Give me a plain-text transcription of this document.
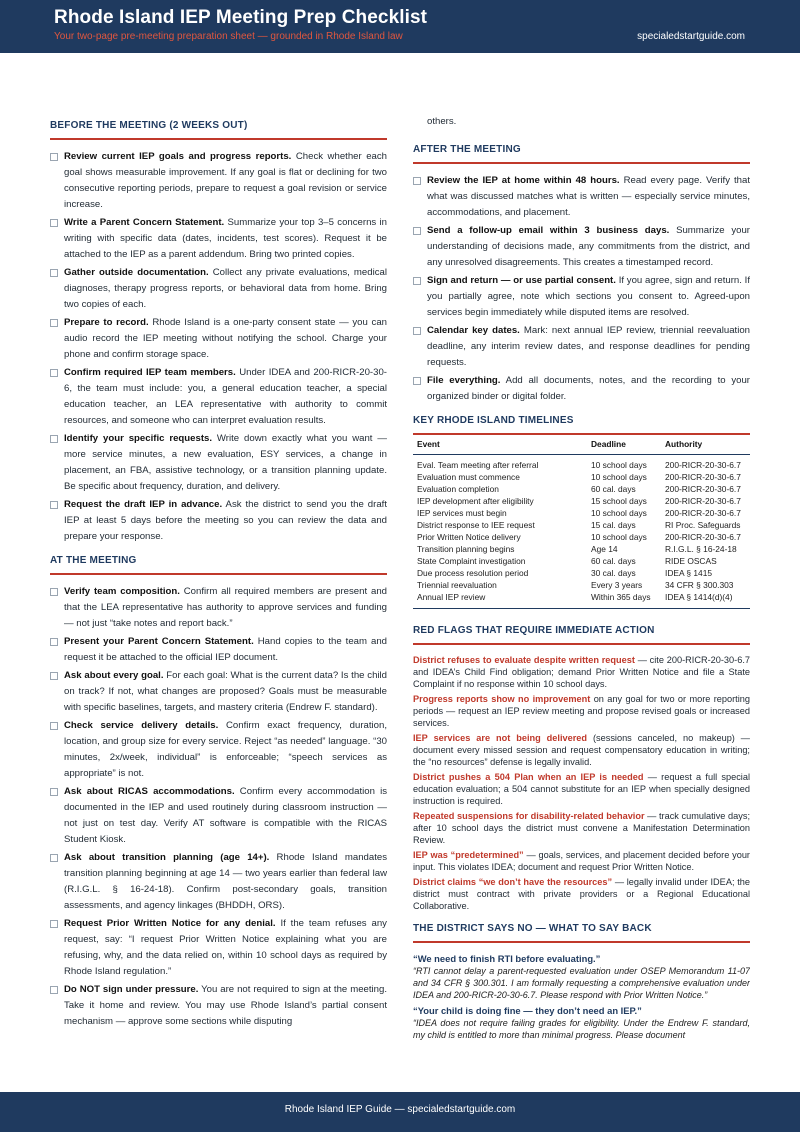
Rhode Island IEP Meeting Prep Checklist
Your two-page pre-meeting preparation sheet — grounded in Rhode Island law	specialedstartguide.com
BEFORE THE MEETING (2 WEEKS OUT)
Review current IEP goals and progress reports. Check whether each goal shows measurable improvement. If any goal is flat or declining for two consecutive reporting periods, prepare to request a goal revision or service increase.
Write a Parent Concern Statement. Summarize your top 3–5 concerns in writing with specific data (dates, incidents, test scores). Request it be attached to the IEP as a parent addendum. Bring two printed copies.
Gather outside documentation. Collect any private evaluations, medical diagnoses, therapy progress reports, or behavioral data from home. Bring two copies of each.
Prepare to record. Rhode Island is a one-party consent state — you can audio record the IEP meeting without notifying the school. Charge your phone and confirm storage space.
Confirm required IEP team members. Under IDEA and 200-RICR-20-30-6, the team must include: you, a general education teacher, a special education teacher, an LEA representative with authority to commit resources, and someone who can interpret evaluation results.
Identify your specific requests. Write down exactly what you want — more service minutes, a new evaluation, ESY services, a change in placement, an FBA, assistive technology, or a transition planning update. Be specific about frequency, duration, and delivery.
Request the draft IEP in advance. Ask the district to send you the draft IEP at least 5 days before the meeting so you can review the data and prepare your response.
AT THE MEETING
Verify team composition. Confirm all required members are present and that the LEA representative has authority to approve services and funding — not just “take notes and report back.”
Present your Parent Concern Statement. Hand copies to the team and request it be attached to the official IEP document.
Ask about every goal. For each goal: What is the current data? Is the child on track? If not, what changes are proposed? Goals must be measurable with specific baselines, targets, and mastery criteria (Endrew F. standard).
Check service delivery details. Confirm exact frequency, duration, location, and group size for every service. Reject “as needed” language. “30 minutes, 2x/week, individual” is enforceable; “speech services as appropriate” is not.
Ask about RICAS accommodations. Confirm every accommodation is documented in the IEP and used routinely during classroom instruction — not just on test day. Verify AT software is compatible with the RICAS Student Kiosk.
Ask about transition planning (age 14+). Rhode Island mandates transition planning beginning at age 14 — two years earlier than federal law (R.I.G.L. § 16-24-18). Confirm post-secondary goals, transition assessments, and agency linkages (BHDDH, ORS).
Request Prior Written Notice for any denial. If the team refuses any request, say: “I request Prior Written Notice explaining what you are refusing, why, and the data relied on, within 10 school days as required by Rhode Island regulation.”
Do NOT sign under pressure. You are not required to sign at the meeting. Take it home and review. You may use Rhode Island’s partial consent mechanism — approve some sections while disputing
others.
AFTER THE MEETING
Review the IEP at home within 48 hours. Read every page. Verify that what was discussed matches what is written — especially service minutes, accommodations, and placement.
Send a follow-up email within 3 business days. Summarize your understanding of decisions made, any commitments from the district, and any unresolved disagreements. This creates a timestamped record.
Sign and return — or use partial consent. If you agree, sign and return. If you partially agree, note which sections you consent to. Agreed-upon services begin immediately while disputed items are resolved.
Calendar key dates. Mark: next annual IEP review, triennial reevaluation deadline, any interim review dates, and response deadlines for pending requests.
File everything. Add all documents, notes, and the recording to your organized binder or digital folder.
KEY RHODE ISLAND TIMELINES
Event	Deadline	Authority
Eval. Team meeting after referral	10 school days	200-RICR-20-30-6.7
Evaluation must commence	10 school days	200-RICR-20-30-6.7
Evaluation completion	60 cal. days	200-RICR-20-30-6.7
IEP development after eligibility	15 school days	200-RICR-20-30-6.7
IEP services must begin	10 school days	200-RICR-20-30-6.7
District response to IEE request	15 cal. days	RI Proc. Safeguards
Prior Written Notice delivery	10 school days	200-RICR-20-30-6.7
Transition planning begins	Age 14	R.I.G.L. § 16-24-18
State Complaint investigation	60 cal. days	RIDE OSCAS
Due process resolution period	30 cal. days	IDEA § 1415
Triennial reevaluation	Every 3 years	34 CFR § 300.303
Annual IEP review	Within 365 days	IDEA § 1414(d)(4)
RED FLAGS THAT REQUIRE IMMEDIATE ACTION
District refuses to evaluate despite written request — cite 200-RICR-20-30-6.7 and IDEA’s Child Find obligation; demand Prior Written Notice and file a State Complaint if no response within 10 school days.
Progress reports show no improvement on any goal for two or more reporting periods — request an IEP review meeting and propose revised goals or increased services.
IEP services are not being delivered (sessions canceled, no makeup) — document every missed session and request compensatory education in writing; the “no resources” defense is legally invalid.
District pushes a 504 Plan when an IEP is needed — request a full special education evaluation; a 504 cannot substitute for an IEP when specially designed instruction is required.
Repeated suspensions for disability-related behavior — track cumulative days; after 10 school days the district must convene a Manifestation Determination Review.
IEP was “predetermined” — goals, services, and placement decided before your input. This violates IDEA; document and request Prior Written Notice.
District claims “we don’t have the resources” — legally invalid under IDEA; the district must contract with private providers or a Regional Educational Collaborative.
THE DISTRICT SAYS NO — WHAT TO SAY BACK
“We need to finish RTI before evaluating.”
“RTI cannot delay a parent-requested evaluation under OSEP Memorandum 11-07 and 34 CFR § 300.301. I am formally requesting a comprehensive evaluation under IDEA and 200-RICR-20-30-6.7. Please respond with Prior Written Notice.”
“Your child is doing fine — they don’t need an IEP.”
“IDEA does not require failing grades for eligibility. Under the Endrew F. standard, my child is entitled to more than minimal progress. Please document
Rhode Island IEP Guide — specialedstartguide.com
